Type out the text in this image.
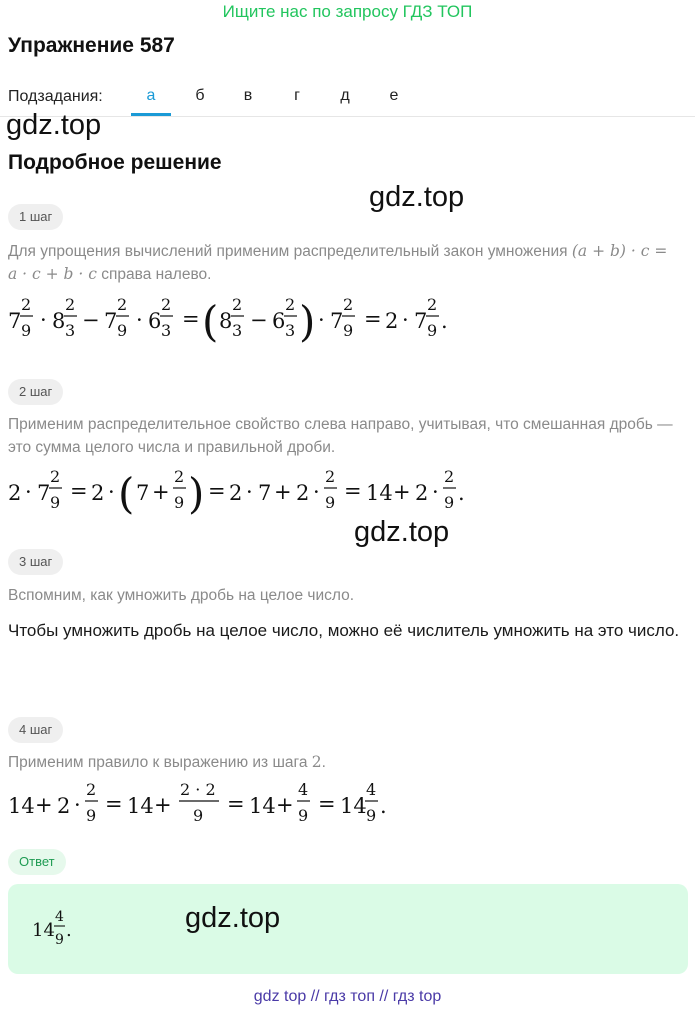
Ищите нас по запросу ГДЗ ТОП
Упражнение 587
Подзадания:	а	б	в	г	д	е
gdz.top
Подробное решение
gdz.top
1 шаг
Для упрощения вычислений применим распределительный закон умножения (a + b) · c = a · c + b · c справа налево.
7
2
9 · 8
2
3 − 7
2
9 · 6
2
3 = ( 8
2
3 − 6
2
3 ) · 7
2
9 = 2 · 7
2
9 .
2 шаг
Применим распределительное свойство слева направо, учитывая, что смешанная дробь — это сумма целого числа и правильной дроби.
2 · 7
2
9 = 2 · ( 7 +
2
9 ) = 2 · 7 + 2 ·
2
9 = 14 + 2 ·
2
9 .
gdz.top
3 шаг
Вспомним, как умножить дробь на целое число.
Чтобы умножить дробь на целое число, можно её числитель умножить на это число.
4 шаг
Применим правило к выражению из шага 2.
14 + 2 ·
2
9 = 14 +
2 · 2
9 = 14 +
4
9 = 14
4
9 .
Ответ
14
4
9 .	gdz.top
gdz top // гдз топ // гдз top
